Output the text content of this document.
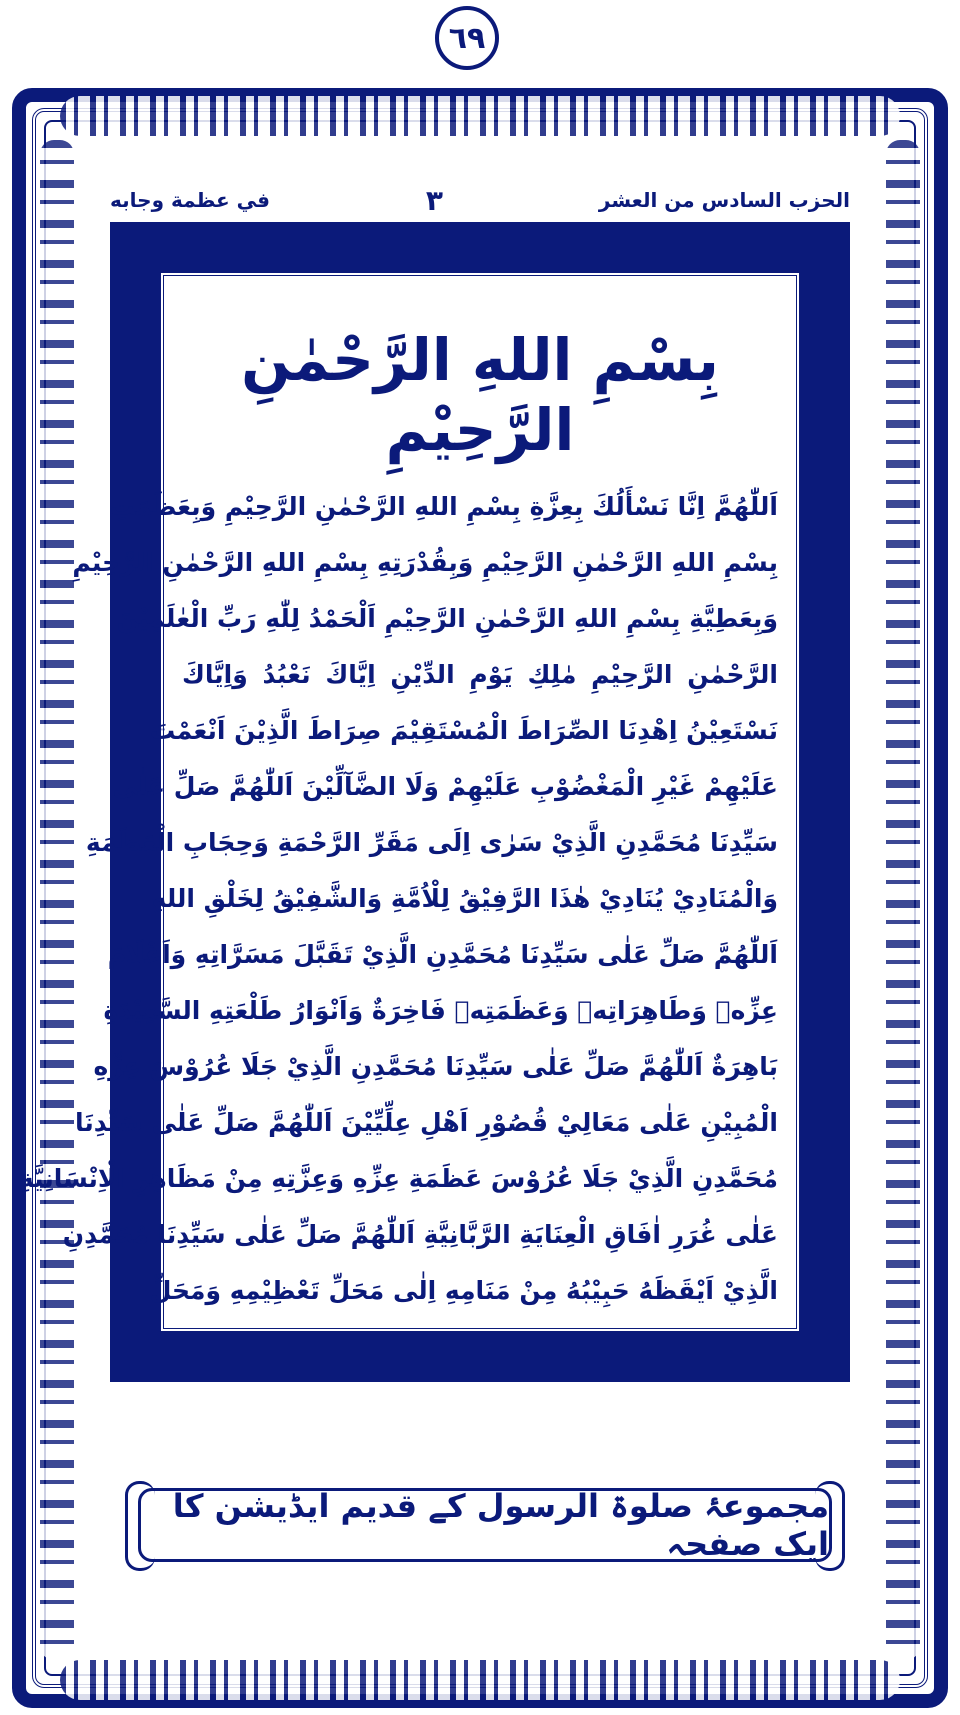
٦٩
الحزب السادس من العشر
٣
في عظمة وجابه
بِسْمِ اللهِ الرَّحْمٰنِ الرَّحِيْمِ
اَللّٰهُمَّ اِنَّا نَسْأَلُكَ بِعِزَّةِ بِسْمِ اللهِ الرَّحْمٰنِ الرَّحِيْمِ وَبِعَظَمَتِ
بِسْمِ اللهِ الرَّحْمٰنِ الرَّحِيْمِ وَبِقُدْرَتِهِ بِسْمِ اللهِ الرَّحْمٰنِ الرَّحِيْمِ
وَبِعَطِيَّةِ بِسْمِ اللهِ الرَّحْمٰنِ الرَّحِيْمِ اَلْحَمْدُ لِلّٰهِ رَبِّ الْعٰلَمِيْنَ
الرَّحْمٰنِ الرَّحِيْمِ مٰلِكِ يَوْمِ الدِّيْنِ اِيَّاكَ نَعْبُدُ وَاِيَّاكَ
نَسْتَعِيْنُ اِهْدِنَا الصِّرَاطَ الْمُسْتَقِيْمَ صِرَاطَ الَّذِيْنَ اَنْعَمْتَ
عَلَيْهِمْ غَيْرِ الْمَغْضُوْبِ عَلَيْهِمْ وَلَا الضَّآلِّيْنَ اَللّٰهُمَّ صَلِّ عَلٰى
سَيِّدِنَا مُحَمَّدِنِ الَّذِيْ سَرٰى اِلَى مَقَرِّ الرَّحْمَةِ وَحِجَابِ الْعَظَمَةِ
وَالْمُنَادِيْ يُنَادِيْ هٰذَا الرَّفِيْقُ لِلْاُمَّةِ وَالشَّفِيْقُ لِخَلْقِ اللهِ
اَللّٰهُمَّ صَلِّ عَلٰى سَيِّدِنَا مُحَمَّدِنِ الَّذِيْ تَقَبَّلَ مَسَرَّاتِهِ وَاَعْلَامَ
عِزِّهٖ وَطَاهِرَاتِهٖ وَعَظَمَتِهٖ فَاخِرَةٌ وَاَنْوَارُ طَلْعَتِهِ السَّعِيْدَةِ
بَاهِرَةٌ اَللّٰهُمَّ صَلِّ عَلٰى سَيِّدِنَا مُحَمَّدِنِ الَّذِيْ جَلَا عُرُوْسَ عِزِّهِ
الْمُبِيْنِ عَلٰى مَعَالِيْ قُصُوْرِ اَهْلِ عِلِّيِّيْنَ اَللّٰهُمَّ صَلِّ عَلٰى سَيِّدِنَا
مُحَمَّدِنِ الَّذِيْ جَلَا عُرُوْسَ عَظَمَةِ عِزِّهِ وَعِزَّتِهِ مِنْ مَظَاهِرِ الْاِنْسَانِيَّةِ
عَلٰى غُرَرِ اٰفَاقِ الْعِنَايَةِ الرَّبَّانِيَّةِ اَللّٰهُمَّ صَلِّ عَلٰى سَيِّدِنَا مُحَمَّدِنِ
الَّذِيْ اَيْقَظَهُ حَبِيْبُهُ مِنْ مَنَامِهِ اِلٰى مَحَلِّ تَعْظِيْمِهِ وَمَحَلِّ
مجموعۂ صلوۃ الرسول کے قدیم ایڈیشن کا ایک صفحہ
